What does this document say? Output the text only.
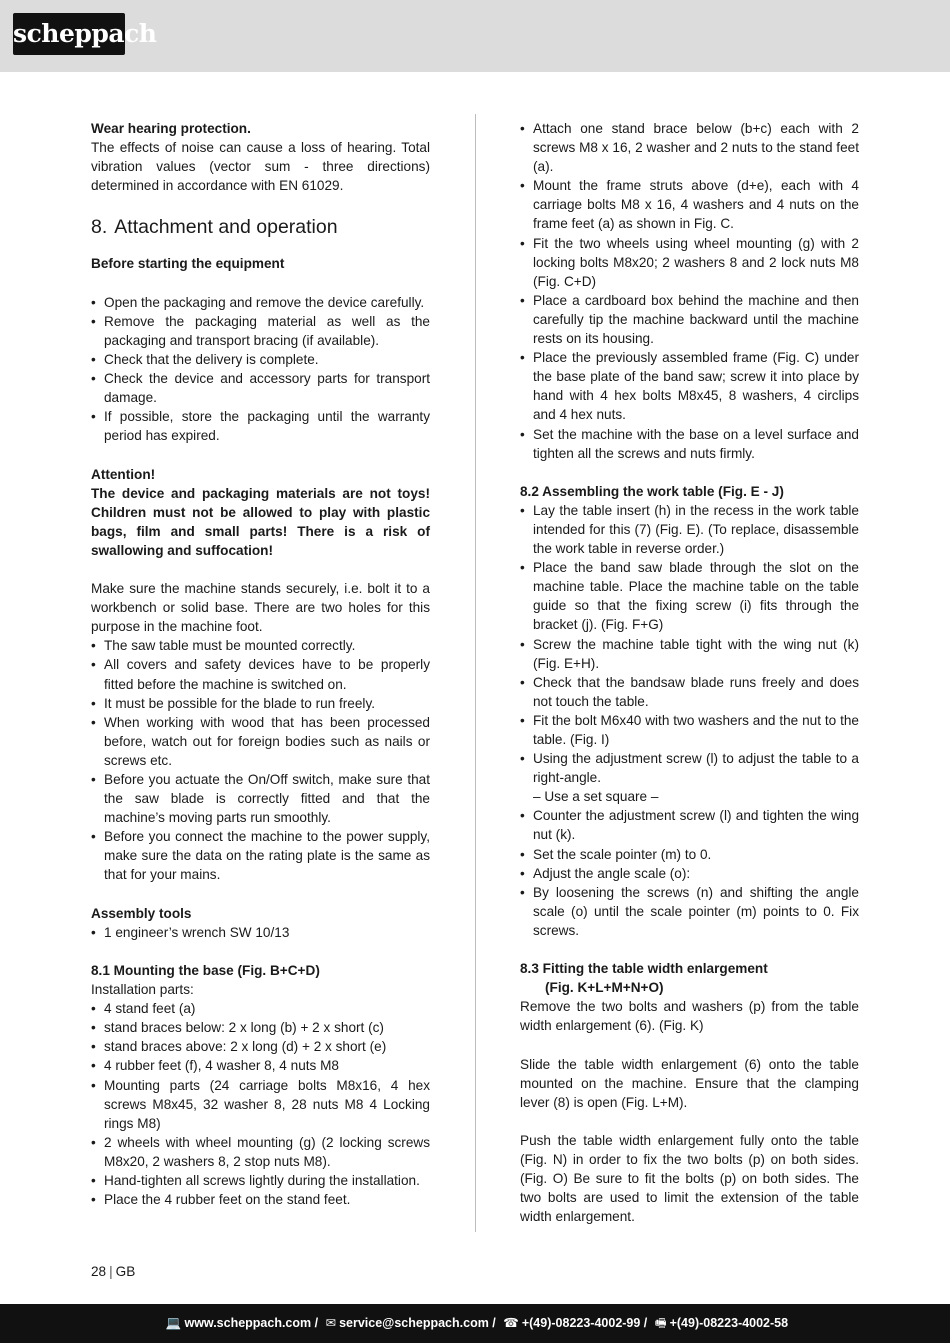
scheppach

Wear hearing protection.

The effects of noise can cause a loss of hearing. Total vibration values (vector sum - three directions) determined in accordance with EN 61029.

8. Attachment and operation

Before starting the equipment

• Open the packaging and remove the device carefully.
• Remove the packaging material as well as the packaging and transport bracing (if available).
• Check that the delivery is complete.
• Check the device and accessory parts for transport damage.
• If possible, store the packaging until the warranty period has expired.

Attention!

The device and packaging materials are not toys! Children must not be allowed to play with plastic bags, film and small parts! There is a risk of swallowing and suffocation!

Make sure the machine stands securely, i.e. bolt it to a workbench or solid base. There are two holes for this purpose in the machine foot.

• The saw table must be mounted correctly.
• All covers and safety devices have to be properly fitted before the machine is switched on.
• It must be possible for the blade to run freely.
• When working with wood that has been processed before, watch out for foreign bodies such as nails or screws etc.
• Before you actuate the On/Off switch, make sure that the saw blade is correctly fitted and that the machine’s moving parts run smoothly.
• Before you connect the machine to the power supply, make sure the data on the rating plate is the same as that for your mains.

Assembly tools

• 1 engineer’s wrench SW 10/13

8.1 Mounting the base (Fig. B+C+D)

Installation parts:

• 4 stand feet (a)
• stand braces below: 2 x long (b) + 2 x short (c)
• stand braces above: 2 x long (d) + 2 x short (e)
• 4 rubber feet (f), 4 washer 8, 4 nuts M8
• Mounting parts (24 carriage bolts M8x16, 4 hex screws M8x45, 32 washer 8, 28 nuts M8 4 Locking rings M8)
• 2 wheels with wheel mounting (g) (2 locking screws M8x20, 2 washers 8, 2 stop nuts M8).
• Hand-tighten all screws lightly during the installation.
• Place the 4 rubber feet on the stand feet.
• Attach one stand brace below (b+c) each with 2 screws M8 x 16, 2 washer and 2 nuts to the stand feet (a).
• Mount the frame struts above (d+e), each with 4 carriage bolts M8 x 16, 4 washers and 4 nuts on the frame feet (a) as shown in Fig. C.
• Fit the two wheels using wheel mounting (g) with 2 locking bolts M8x20; 2 washers 8 and 2 lock nuts M8 (Fig. C+D)
• Place a cardboard box behind the machine and then carefully tip the machine backward until the machine rests on its housing.
• Place the previously assembled frame (Fig. C) under the base plate of the band saw; screw it into place by hand with 4 hex bolts M8x45, 8 washers, 4 circlips and 4 hex nuts.
• Set the machine with the base on a level surface and tighten all the screws and nuts firmly.

8.2 Assembling the work table (Fig. E - J)

• Lay the table insert (h) in the recess in the work table intended for this (7) (Fig. E). (To replace, disassemble the work table in reverse order.)
• Place the band saw blade through the slot on the machine table. Place the machine table on the table guide so that the fixing screw (i) fits through the bracket (j). (Fig. F+G)
• Screw the machine table tight with the wing nut (k) (Fig. E+H).
• Check that the bandsaw blade runs freely and does not touch the table.
• Fit the bolt M6x40 with two washers and the nut to the table. (Fig. I)
• Using the adjustment screw (l) to adjust the table to a right-angle.

– Use a set square –

• Counter the adjustment screw (l) and tighten the wing nut (k).
• Set the scale pointer (m) to 0.
• Adjust the angle scale (o):
• By loosening the screws (n) and shifting the angle scale (o) until the scale pointer (m) points to 0. Fix screws.

8.3 Fitting the table width enlargement

(Fig. K+L+M+N+O)

Remove the two bolts and washers (p) from the table width enlargement (6). (Fig. K)

Slide the table width enlargement (6) onto the table mounted on the machine. Ensure that the clamping lever (8) is open (Fig. L+M).

Push the table width enlargement fully onto the table (Fig. N) in order to fix the two bolts (p) on both sides. (Fig. O) Be sure to fit the bolts (p) on both sides. The two bolts are used to limit the extension of the table width enlargement.

28 | GB
💻 www.scheppach.com / ✉ service@scheppach.com / ☎ +(49)-08223-4002-99 / 🖷 +(49)-08223-4002-58
